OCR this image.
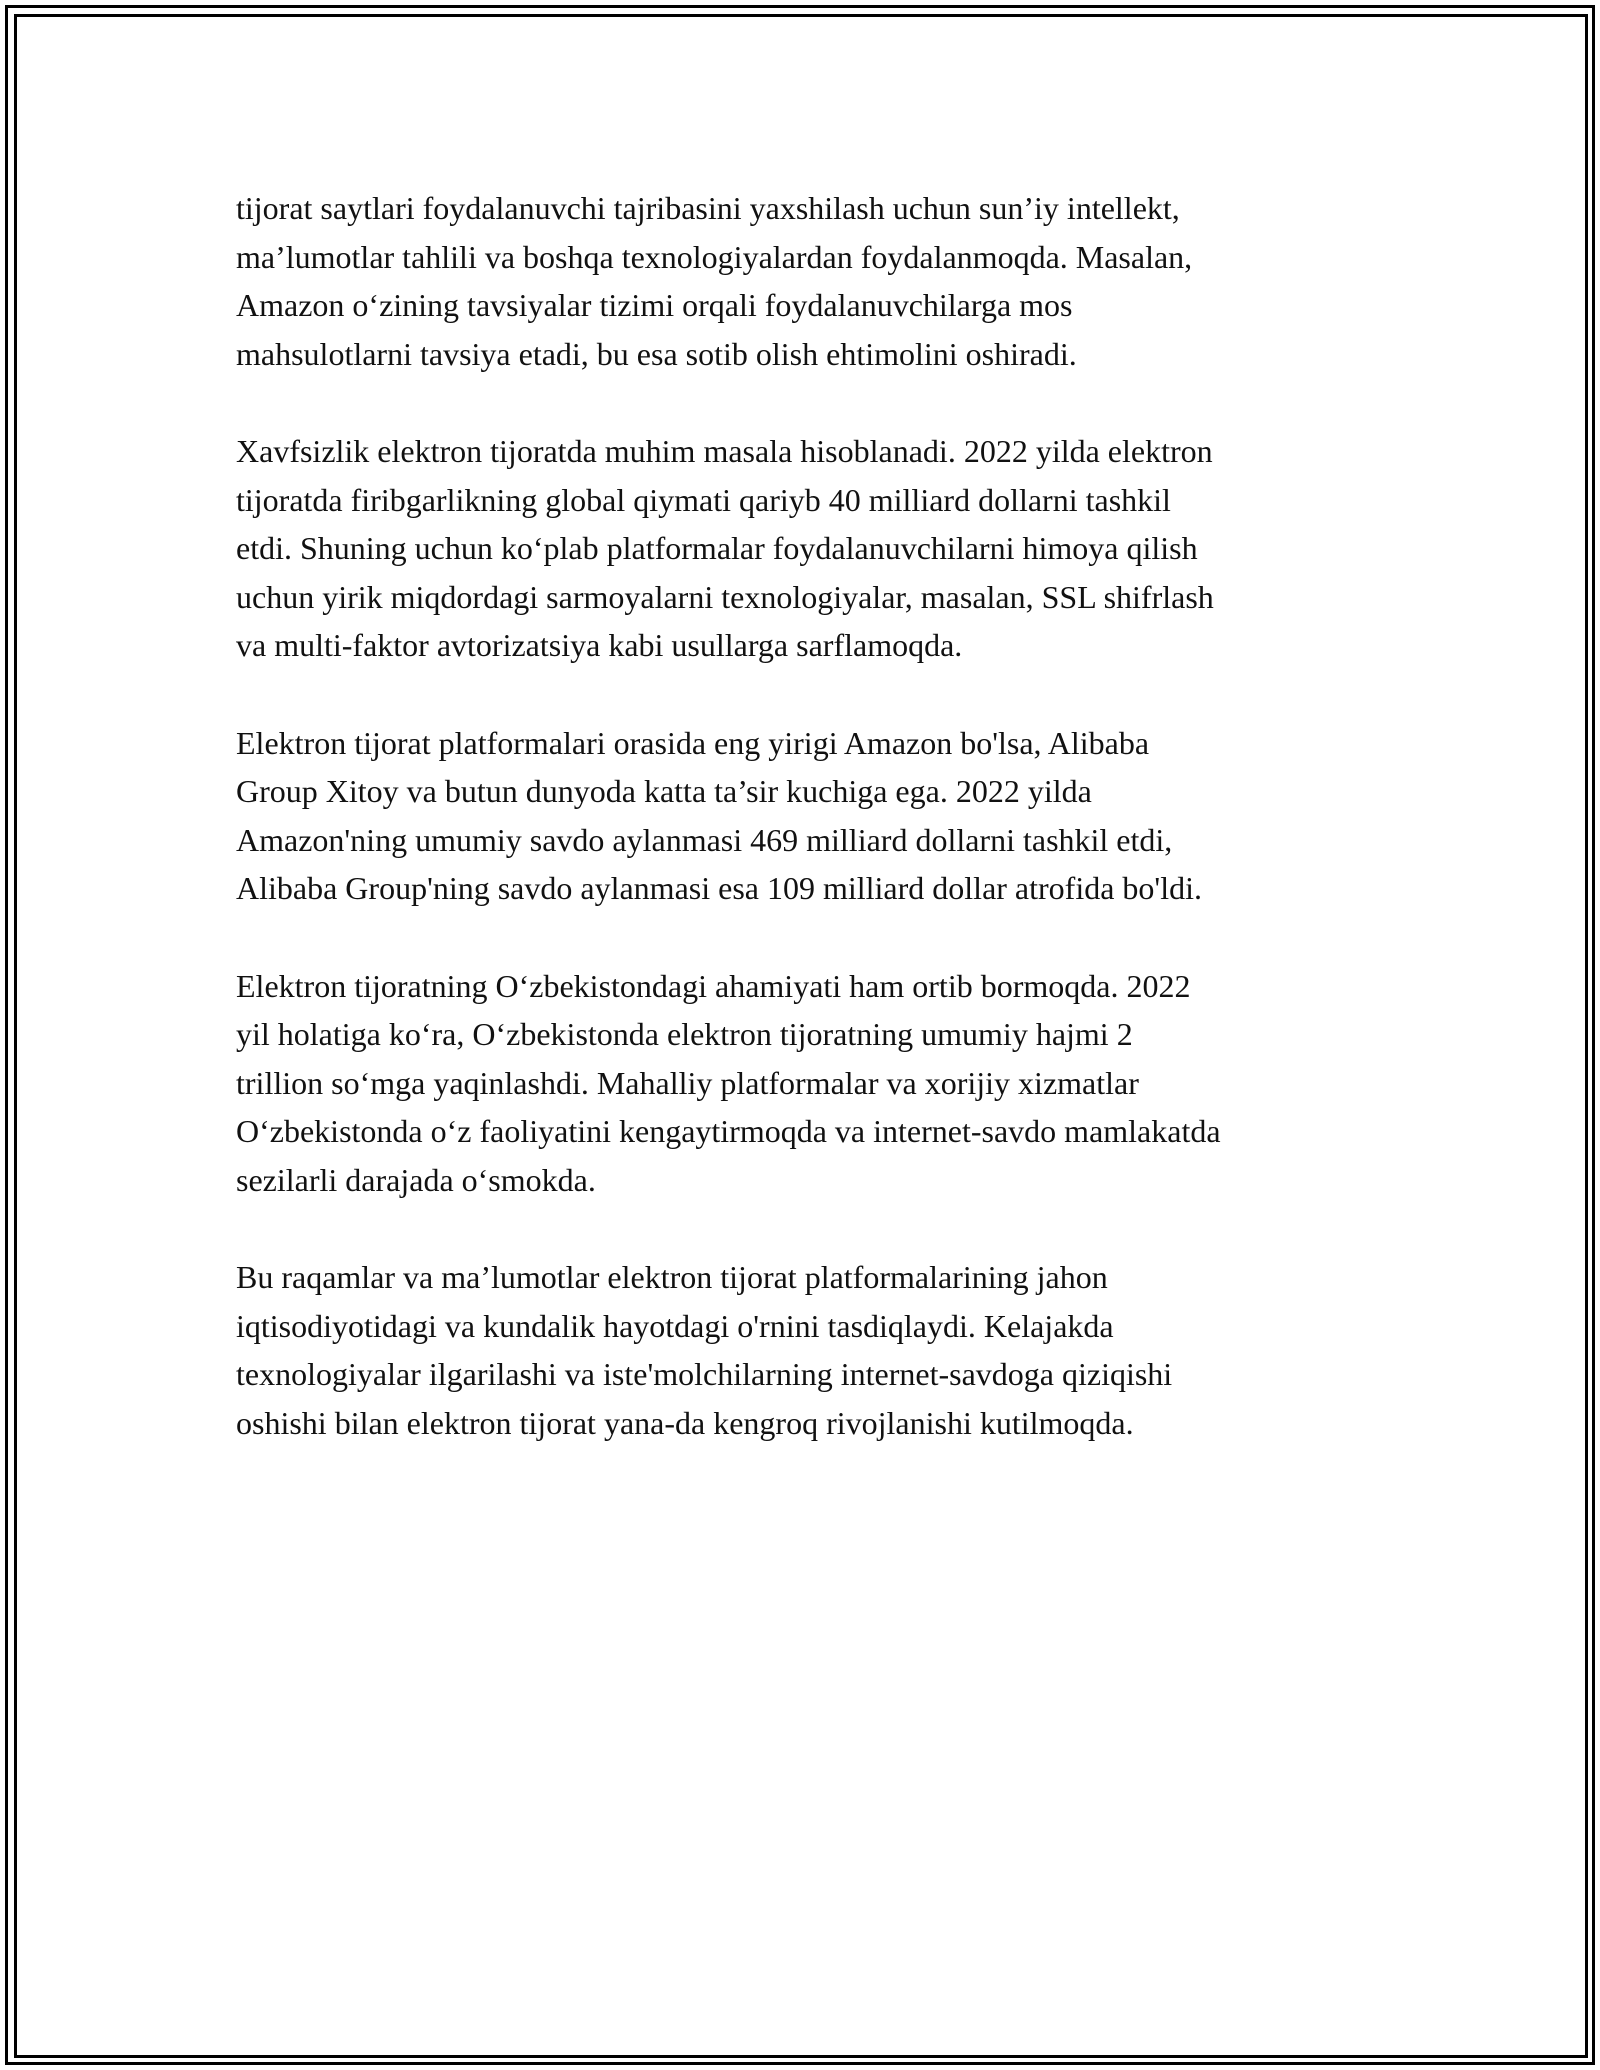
tijorat saytlari foydalanuvchi tajribasini yaxshilash uchun sun’iy intellekt,
ma’lumotlar tahlili va boshqa texnologiyalardan foydalanmoqda. Masalan,
Amazon o‘zining tavsiyalar tizimi orqali foydalanuvchilarga mos
mahsulotlarni tavsiya etadi, bu esa sotib olish ehtimolini oshiradi.

Xavfsizlik elektron tijoratda muhim masala hisoblanadi. 2022 yilda elektron
tijoratda firibgarlikning global qiymati qariyb 40 milliard dollarni tashkil
etdi. Shuning uchun ko‘plab platformalar foydalanuvchilarni himoya qilish
uchun yirik miqdordagi sarmoyalarni texnologiyalar, masalan, SSL shifrlash
va multi-faktor avtorizatsiya kabi usullarga sarflamoqda.

Elektron tijorat platformalari orasida eng yirigi Amazon bo'lsa, Alibaba
Group Xitoy va butun dunyoda katta ta’sir kuchiga ega. 2022 yilda
Amazon'ning umumiy savdo aylanmasi 469 milliard dollarni tashkil etdi,
Alibaba Group'ning savdo aylanmasi esa 109 milliard dollar atrofida bo'ldi.

Elektron tijoratning O‘zbekistondagi ahamiyati ham ortib bormoqda. 2022
yil holatiga ko‘ra, O‘zbekistonda elektron tijoratning umumiy hajmi 2
trillion so‘mga yaqinlashdi. Mahalliy platformalar va xorijiy xizmatlar
O‘zbekistonda o‘z faoliyatini kengaytirmoqda va internet-savdo mamlakatda
sezilarli darajada o‘smokda.

Bu raqamlar va ma’lumotlar elektron tijorat platformalarining jahon
iqtisodiyotidagi va kundalik hayotdagi o'rnini tasdiqlaydi. Kelajakda
texnologiyalar ilgarilashi va iste'molchilarning internet-savdoga qiziqishi
oshishi bilan elektron tijorat yana-da kengroq rivojlanishi kutilmoqda.
